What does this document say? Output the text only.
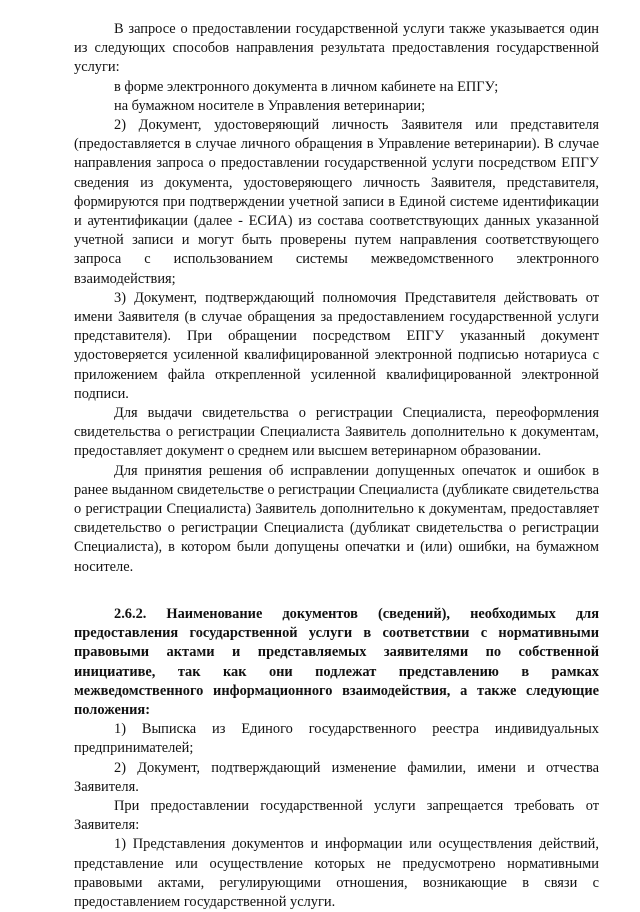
В запросе о предоставлении государственной услуги также указывается один из следующих способов направления результата предоставления государственной услуги:

в форме электронного документа в личном кабинете на ЕПГУ;

на бумажном носителе в Управления ветеринарии;

2) Документ, удостоверяющий личность Заявителя или представителя (предоставляется в случае личного обращения в Управление ветеринарии). В случае направления запроса о предоставлении государственной услуги посредством ЕПГУ сведения из документа, удостоверяющего личность Заявителя, представителя, формируются при подтверждении учетной записи в Единой системе идентификации и аутентификации (далее - ЕСИА) из состава соответствующих данных указанной учетной записи и могут быть проверены путем направления соответствующего запроса с использованием системы межведомственного электронного взаимодействия;

3) Документ, подтверждающий полномочия Представителя действовать от имени Заявителя (в случае обращения за предоставлением государственной услуги представителя). При обращении посредством ЕПГУ указанный документ удостоверяется усиленной квалифицированной электронной подписью нотариуса с приложением файла открепленной усиленной квалифицированной электронной подписи.

Для выдачи свидетельства о регистрации Специалиста, переоформления свидетельства о регистрации Специалиста Заявитель дополнительно к документам, предоставляет документ о среднем или высшем ветеринарном образовании.

Для принятия решения об исправлении допущенных опечаток и ошибок в ранее выданном свидетельстве о регистрации Специалиста (дубликате свидетельства о регистрации Специалиста) Заявитель дополнительно к документам, предоставляет свидетельство о регистрации Специалиста (дубликат свидетельства о регистрации Специалиста), в котором были допущены опечатки и (или) ошибки, на бумажном носителе.

2.6.2. Наименование документов (сведений), необходимых для предоставления государственной услуги в соответствии с нормативными правовыми актами и представляемых заявителями по собственной инициативе, так как они подлежат представлению в рамках межведомственного информационного взаимодействия, а также следующие положения:

1) Выписка из Единого государственного реестра индивидуальных предпринимателей;

2) Документ, подтверждающий изменение фамилии, имени и отчества Заявителя.

При предоставлении государственной услуги запрещается требовать от Заявителя:

1) Представления документов и информации или осуществления действий, представление или осуществление которых не предусмотрено нормативными правовыми актами, регулирующими отношения, возникающие в связи с предоставлением государственной услуги.
